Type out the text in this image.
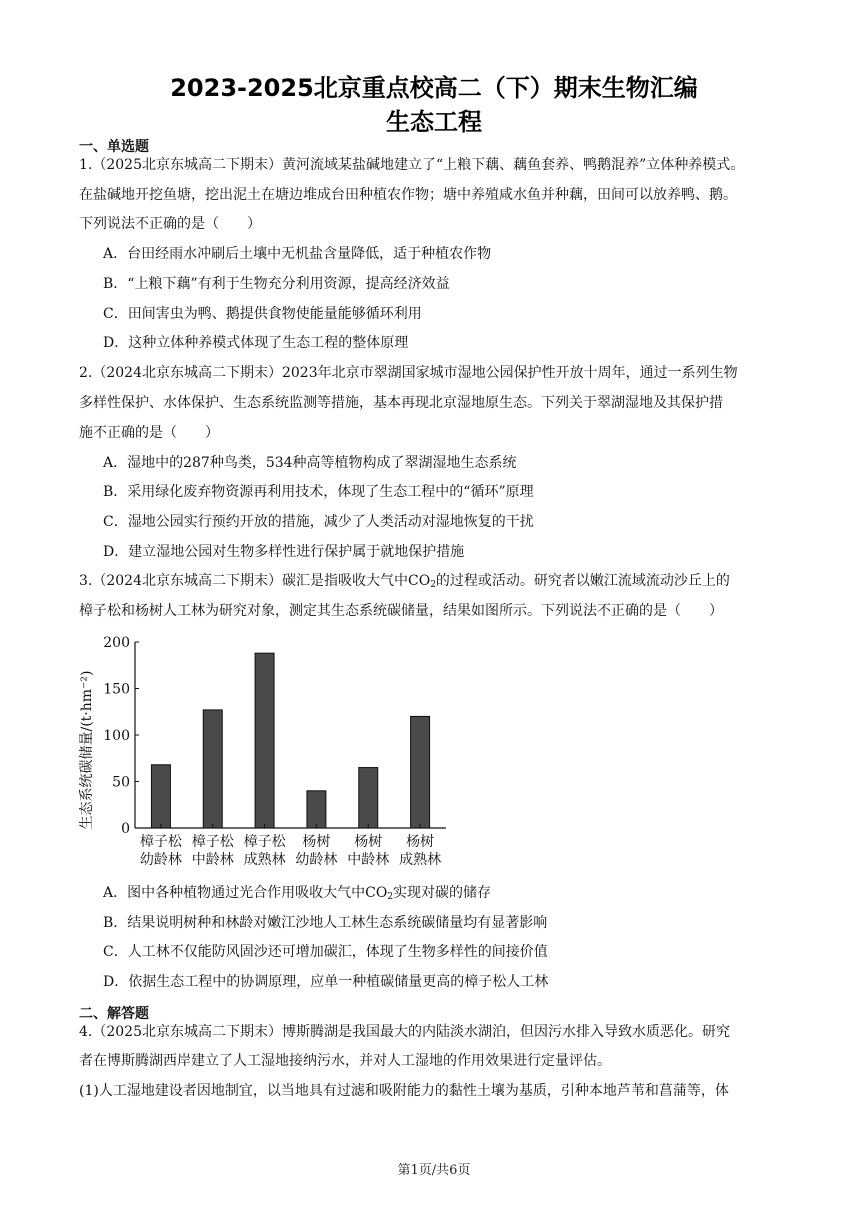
2023-2025北京重点校高二（下）期末生物汇编
生态工程
一、单选题
1.（2025北京东城高二下期末）黄河流域某盐碱地建立了“上粮下藕、藕鱼套养、鸭鹅混养”立体种养模式。
在盐碱地开挖鱼塘，挖出泥土在塘边堆成台田种植农作物；塘中养殖咸水鱼并种藕，田间可以放养鸭、鹅。
下列说法不正确的是（　　）
A．台田经雨水冲刷后土壤中无机盐含量降低，适于种植农作物
B．“上粮下藕”有利于生物充分利用资源，提高经济效益
C．田间害虫为鸭、鹅提供食物使能量能够循环利用
D．这种立体种养模式体现了生态工程的整体原理
2.（2024北京东城高二下期末）2023年北京市翠湖国家城市湿地公园保护性开放十周年，通过一系列生物
多样性保护、水体保护、生态系统监测等措施，基本再现北京湿地原生态。下列关于翠湖湿地及其保护措
施不正确的是（　　）
A．湿地中的287种鸟类，534种高等植物构成了翠湖湿地生态系统
B．采用绿化废弃物资源再利用技术，体现了生态工程中的“循环”原理
C．湿地公园实行预约开放的措施，减少了人类活动对湿地恢复的干扰
D．建立湿地公园对生物多样性进行保护属于就地保护措施
3.（2024北京东城高二下期末）碳汇是指吸收大气中$CO_2$的过程或活动。研究者以嫩江流域流动沙丘上的
樟子松和杨树人工林为研究对象，测定其生态系统碳储量，结果如图所示。下列说法不正确的是（　　）
0
50
100
150
200
樟子松
幼龄林
樟子松
中龄林
樟子松
成熟林
杨树
幼龄林
杨树
中龄林
杨树
成熟林
生态系统碳储量/(t·hm⁻²)
A．图中各种植物通过光合作用吸收大气中$CO_2$实现对碳的储存
B．结果说明树种和林龄对嫩江沙地人工林生态系统碳储量均有显著影响
C．人工林不仅能防风固沙还可增加碳汇，体现了生物多样性的间接价值
D．依据生态工程中的协调原理，应单一种植碳储量更高的樟子松人工林
二、解答题
4.（2025北京东城高二下期末）博斯腾湖是我国最大的内陆淡水湖泊，但因污水排入导致水质恶化。研究
者在博斯腾湖西岸建立了人工湿地接纳污水，并对人工湿地的作用效果进行定量评估。
(1)人工湿地建设者因地制宜，以当地具有过滤和吸附能力的黏性土壤为基质，引种本地芦苇和菖蒲等，体
第1页/共6页
